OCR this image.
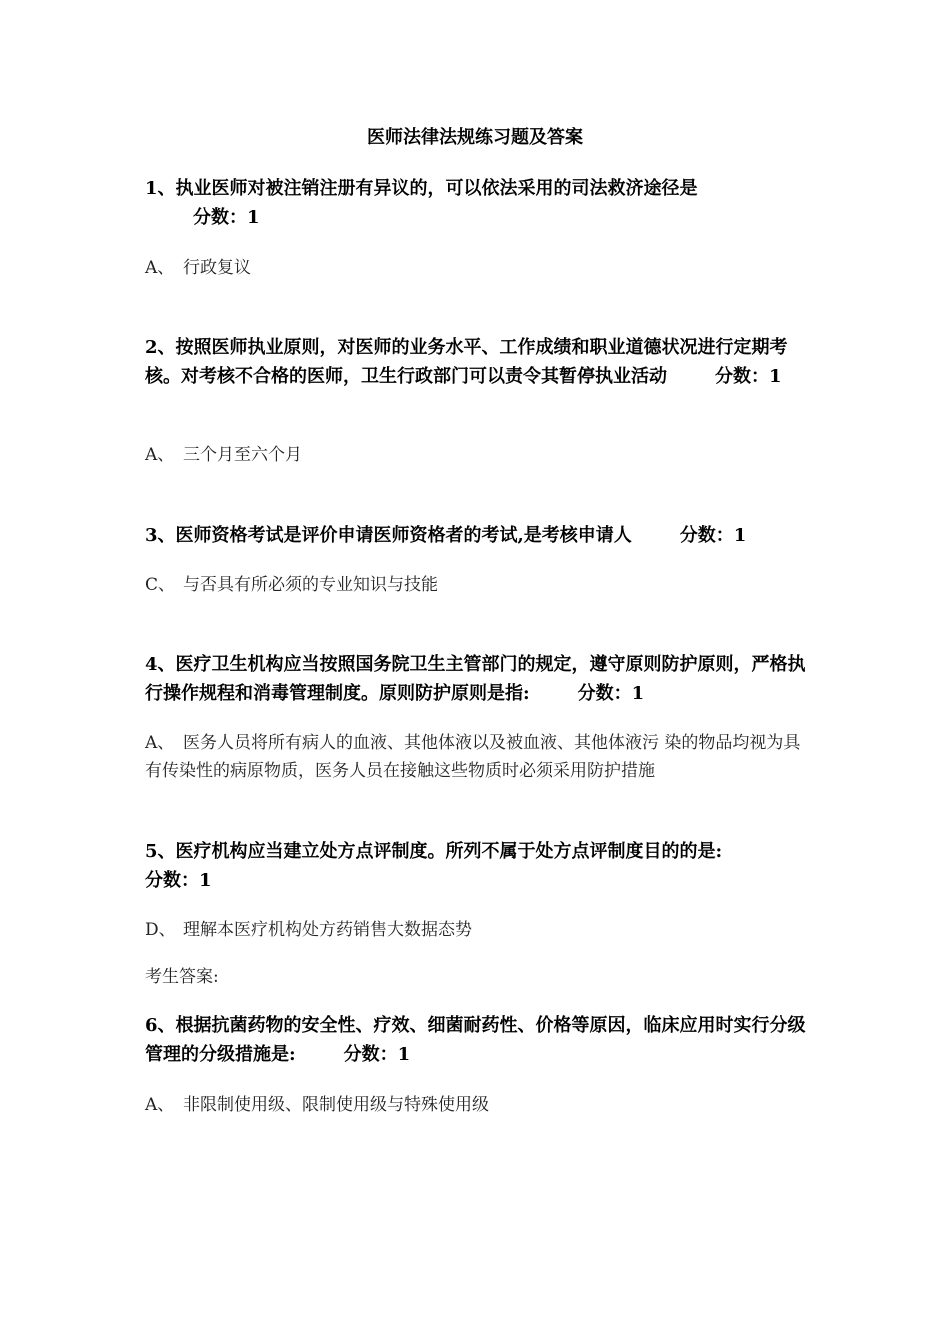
医师法律法规练习题及答案
1、执业医师对被注销注册有异议的，可以依法采用的司法救济途径是分数：1
A、 行政复议
2、按照医师执业原则，对医师的业务水平、工作成绩和职业道德状况进行定期考核。对考核不合格的医师，卫生行政部门可以责令其暂停执业活动	分数：1
A、 三个月至六个月
3、医师资格考试是评价申请医师资格者的考试,是考核申请人	分数：1
C、 与否具有所必须的专业知识与技能
4、医疗卫生机构应当按照国务院卫生主管部门的规定，遵守原则防护原则，严格执行操作规程和消毒管理制度。原则防护原则是指:	分数：1
A、 医务人员将所有病人的血液、其他体液以及被血液、其他体液污 染的物品均视为具有传染性的病原物质，医务人员在接触这些物质时必须采用防护措施
5、医疗机构应当建立处方点评制度。所列不属于处方点评制度目的的是:
分数：1
D、 理解本医疗机构处方药销售大数据态势
考生答案:
6、根据抗菌药物的安全性、疗效、细菌耐药性、价格等原因，临床应用时实行分级管理的分级措施是:	分数：1
A、 非限制使用级、限制使用级与特殊使用级
